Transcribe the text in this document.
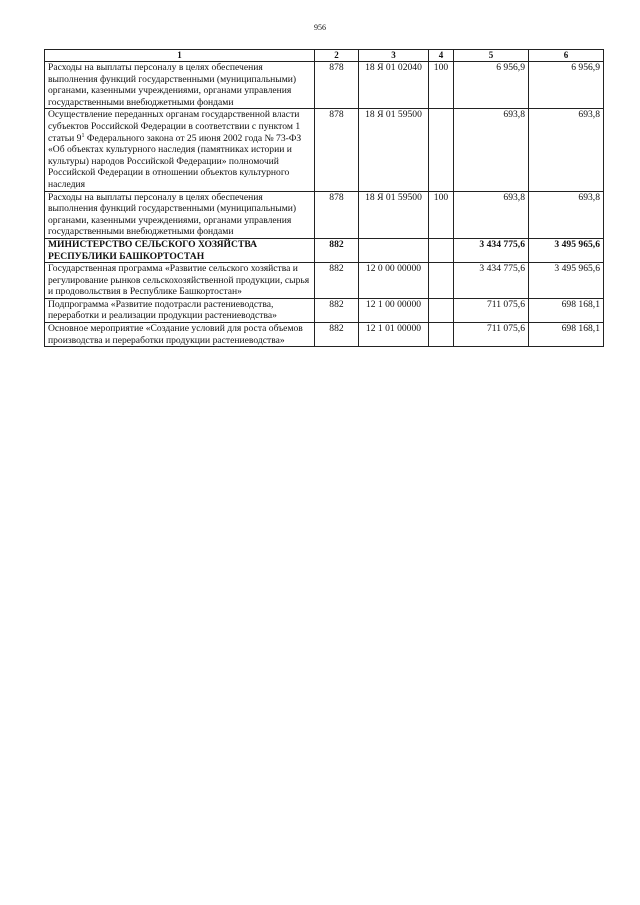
956
1	2	3	4	5	6
Расходы на выплаты персоналу в целях обеспечения выполнения функций государственными (муниципальными) органами, казенными учреждениями, органами управления государственными внебюджетными фондами	878	18 Я 01 02040	100	6 956,9	6 956,9
Осуществление переданных органам государственной власти субъектов Российской Федерации в соответствии с пунктом 1 статьи $9^1$ Федерального закона от 25 июня 2002 года № 73-ФЗ «Об объектах культурного наследия (памятниках истории и культуры) народов Российской Федерации» полномочий Российской Федерации в отношении объектов культурного наследия	878	18 Я 01 59500		693,8	693,8
Расходы на выплаты персоналу в целях обеспечения выполнения функций государственными (муниципальными) органами, казенными учреждениями, органами управления государственными внебюджетными фондами	878	18 Я 01 59500	100	693,8	693,8
МИНИСТЕРСТВО СЕЛЬСКОГО ХОЗЯЙСТВА РЕСПУБЛИКИ БАШКОРТОСТАН	882			3 434 775,6	3 495 965,6
Государственная программа «Развитие сельского хозяйства и регулирование рынков сельскохозяйственной продукции, сырья и продовольствия в Республике Башкортостан»	882	12 0 00 00000		3 434 775,6	3 495 965,6
Подпрограмма «Развитие подотрасли растениеводства, переработки и реализации продукции растениеводства»	882	12 1 00 00000		711 075,6	698 168,1
Основное мероприятие «Создание условий для роста объемов производства и переработки продукции растениеводства»	882	12 1 01 00000		711 075,6	698 168,1
